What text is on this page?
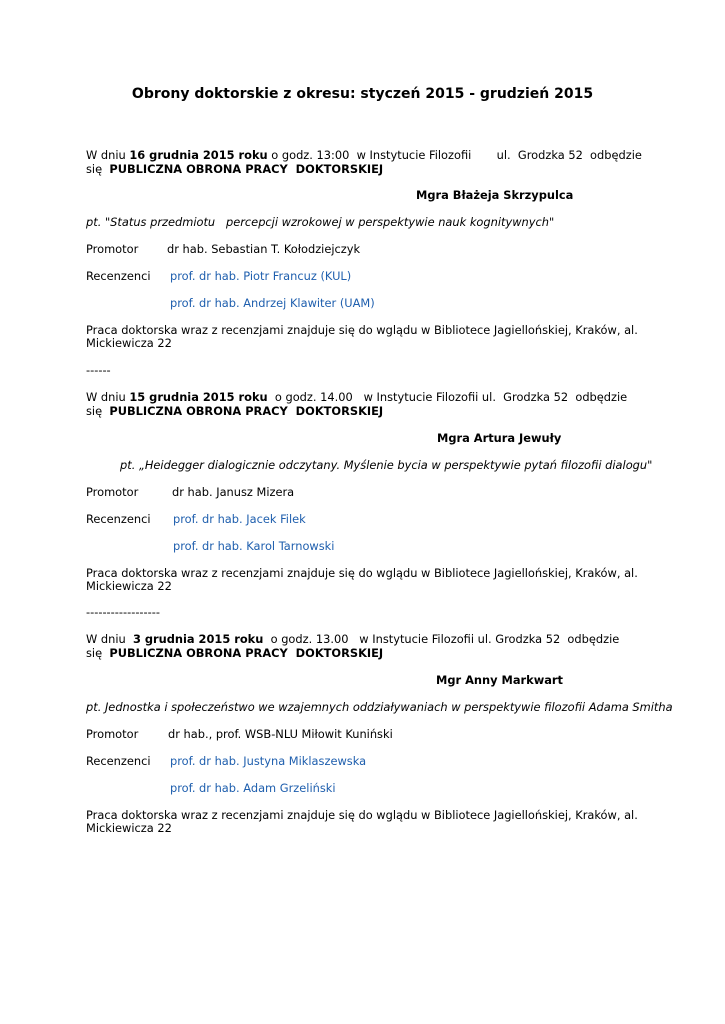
Obrony doktorskie z okresu: styczeń 2015 - grudzień 2015

W dniu 16 grudnia 2015 roku o godz. 13:00  w Instytucie Filozofii       ul.  Grodzka 52  odbędzie

się  PUBLICZNA OBRONA PRACY  DOKTORSKIEJ

Mgra Błażeja Skrzypulca

pt. "Status przedmiotu   percepcji wzrokowej w perspektywie nauk kognitywnych"

Promotor	dr hab. Sebastian T. Kołodziejczyk

Recenzenci prof. dr hab. Piotr Francuz (KUL)

prof. dr hab. Andrzej Klawiter (UAM)

Praca doktorska wraz z recenzjami znajduje się do wglądu w Bibliotece Jagiellońskiej, Kraków, al.

Mickiewicza 22

------

W dniu 15 grudnia 2015 roku  o godz. 14.00   w Instytucie Filozofii ul.  Grodzka 52  odbędzie

się  PUBLICZNA OBRONA PRACY  DOKTORSKIEJ

Mgra Artura Jewuły

pt. „Heidegger dialogicznie odczytany. Myślenie bycia w perspektywie pytań filozofii dialogu"

Promotor	dr hab. Janusz Mizera

Recenzenci prof. dr hab. Jacek Filek

prof. dr hab. Karol Tarnowski

Praca doktorska wraz z recenzjami znajduje się do wglądu w Bibliotece Jagiellońskiej, Kraków, al.

Mickiewicza 22

------------------

W dniu  3 grudnia 2015 roku  o godz. 13.00   w Instytucie Filozofii ul. Grodzka 52  odbędzie

się  PUBLICZNA OBRONA PRACY  DOKTORSKIEJ

Mgr Anny Markwart

pt. Jednostka i społeczeństwo we wzajemnych oddziaływaniach w perspektywie filozofii Adama Smitha

Promotor	dr hab., prof. WSB-NLU Miłowit Kuniński

Recenzenci prof. dr hab. Justyna Miklaszewska

prof. dr hab. Adam Grzeliński

Praca doktorska wraz z recenzjami znajduje się do wglądu w Bibliotece Jagiellońskiej, Kraków, al.

Mickiewicza 22
